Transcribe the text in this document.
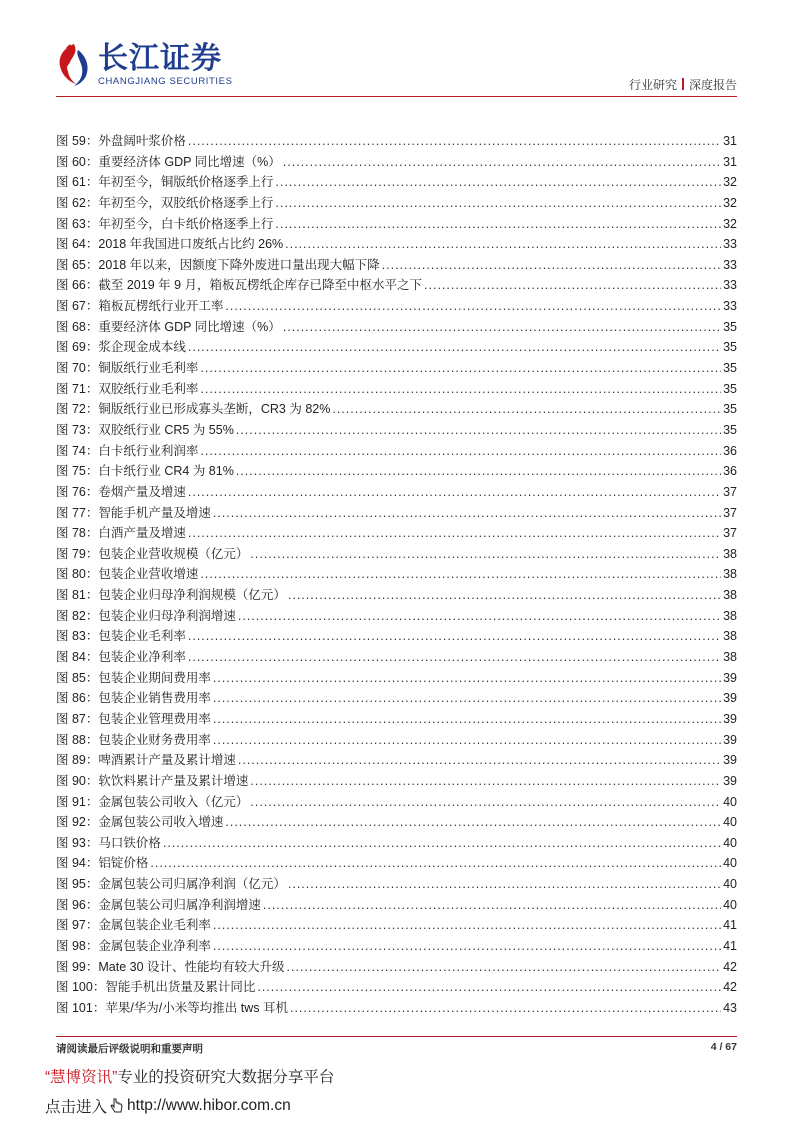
长江证券
CHANGJIANG SECURITIES	行业研究 深度报告
图 59：外盘阔叶浆价格 .....	31
图 60：重要经济体 GDP 同比增速（%） .....	31
图 61：年初至今，铜版纸价格逐季上行 .....	32
图 62：年初至今，双胶纸价格逐季上行 .....	32
图 63：年初至今，白卡纸价格逐季上行 .....	32
图 64：2018 年我国进口废纸占比约 26% .....	33
图 65：2018 年以来，因额度下降外废进口量出现大幅下降 .....	33
图 66：截至 2019 年 9 月，箱板瓦楞纸企库存已降至中枢水平之下 .....	33
图 67：箱板瓦楞纸行业开工率 .....	33
图 68：重要经济体 GDP 同比增速（%） .....	35
图 69：浆企现金成本线 .....	35
图 70：铜版纸行业毛利率 .....	35
图 71：双胶纸行业毛利率 .....	35
图 72：铜版纸行业已形成寡头垄断，CR3 为 82% .....	35
图 73：双胶纸行业 CR5 为 55% .....	35
图 74：白卡纸行业利润率 .....	36
图 75：白卡纸行业 CR4 为 81% .....	36
图 76：卷烟产量及增速 .....	37
图 77：智能手机产量及增速 .....	37
图 78：白酒产量及增速 .....	37
图 79：包装企业营收规模（亿元） .....	38
图 80：包装企业营收增速 .....	38
图 81：包装企业归母净利润规模（亿元） .....	38
图 82：包装企业归母净利润增速 .....	38
图 83：包装企业毛利率 .....	38
图 84：包装企业净利率 .....	38
图 85：包装企业期间费用率 .....	39
图 86：包装企业销售费用率 .....	39
图 87：包装企业管理费用率 .....	39
图 88：包装企业财务费用率 .....	39
图 89：啤酒累计产量及累计增速 .....	39
图 90：软饮料累计产量及累计增速 .....	39
图 91：金属包装公司收入（亿元） .....	40
图 92：金属包装公司收入增速 .....	40
图 93：马口铁价格 .....	40
图 94：铝锭价格 .....	40
图 95：金属包装公司归属净利润（亿元） .....	40
图 96：金属包装公司归属净利润增速 .....	40
图 97：金属包装企业毛利率 .....	41
图 98：金属包装企业净利率 .....	41
图 99：Mate 30 设计、性能均有较大升级 .....	42
图 100：智能手机出货量及累计同比 .....	42
图 101：苹果/华为/小米等均推出 tws 耳机 .....	43
请阅读最后评级说明和重要声明	4 / 67
“慧博资讯”专业的投资研究大数据分享平台
点击进入 http://www.hibor.com.cn
